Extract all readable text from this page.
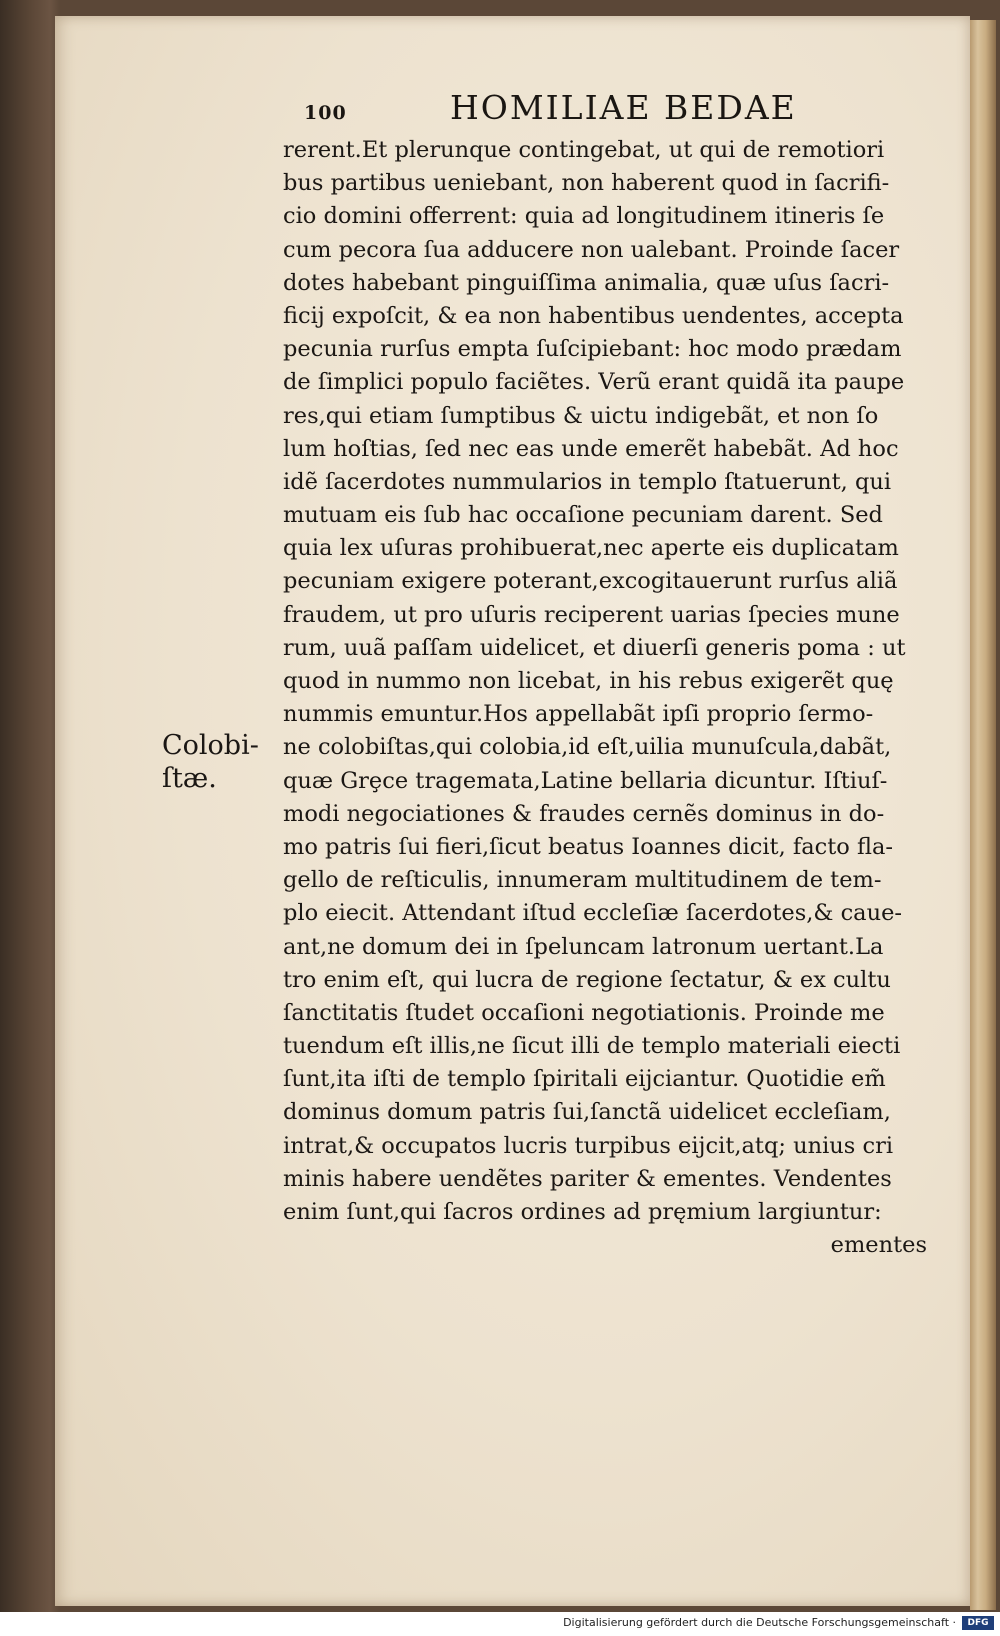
100	HOMILIAE BEDAE
Colobi-
ſtæ.
rerent.Et plerunque contingebat, ut qui de remotiori
bus partibus ueniebant, non haberent quod in ſacrifi-
cio domini offerrent: quia ad longitudinem itineris ſe
cum pecora ſua adducere non ualebant. Proinde ſacer
dotes habebant pinguiſſima animalia, quæ uſus ſacri-
ficij expoſcit, & ea non habentibus uendentes, accepta
pecunia rurſus empta ſuſcipiebant: hoc modo prædam
de ſimplici populo faciẽtes. Verũ erant quidã ita paupe
res,qui etiam ſumptibus & uictu indigebãt, et non ſo
lum hoſtias, ſed nec eas unde emerẽt habebãt. Ad hoc
idẽ ſacerdotes nummularios in templo ſtatuerunt, qui
mutuam eis ſub hac occaſione pecuniam darent. Sed
quia lex uſuras prohibuerat,nec aperte eis duplicatam
pecuniam exigere poterant,excogitauerunt rurſus aliã
fraudem, ut pro uſuris reciperent uarias ſpecies mune
rum, uuã paſſam uidelicet, et diuerſi generis poma : ut
quod in nummo non licebat, in his rebus exigerẽt quę
nummis emuntur.Hos appellabãt ipſi proprio ſermo-
ne colobiſtas,qui colobia,id eſt,uilia munuſcula,dabãt,
quæ Grȩce tragemata,Latine bellaria dicuntur. Iſtiuſ-
modi negociationes & fraudes cernẽs dominus in do-
mo patris ſui fieri,ſicut beatus Ioannes dicit, facto fla-
gello de reſticulis, innumeram multitudinem de tem-
plo eiecit. Attendant iſtud eccleſiæ ſacerdotes,& caue-
ant,ne domum dei in ſpeluncam latronum uertant.La
tro enim eſt, qui lucra de regione ſectatur, & ex cultu
ſanctitatis ſtudet occaſioni negotiationis. Proinde me
tuendum eſt illis,ne ſicut illi de templo materiali eiecti
ſunt,ita iſti de templo ſpiritali eijciantur. Quotidie em̃
dominus domum patris ſui,ſanctã uidelicet eccleſiam,
intrat,& occupatos lucris turpibus eijcit,atq; unius cri
minis habere uendẽtes pariter & ementes. Vendentes
enim ſunt,qui ſacros ordines ad pręmium largiuntur:
ementes
Digitalisierung gefördert durch die Deutsche Forschungsgemeinschaft ·	DFG
